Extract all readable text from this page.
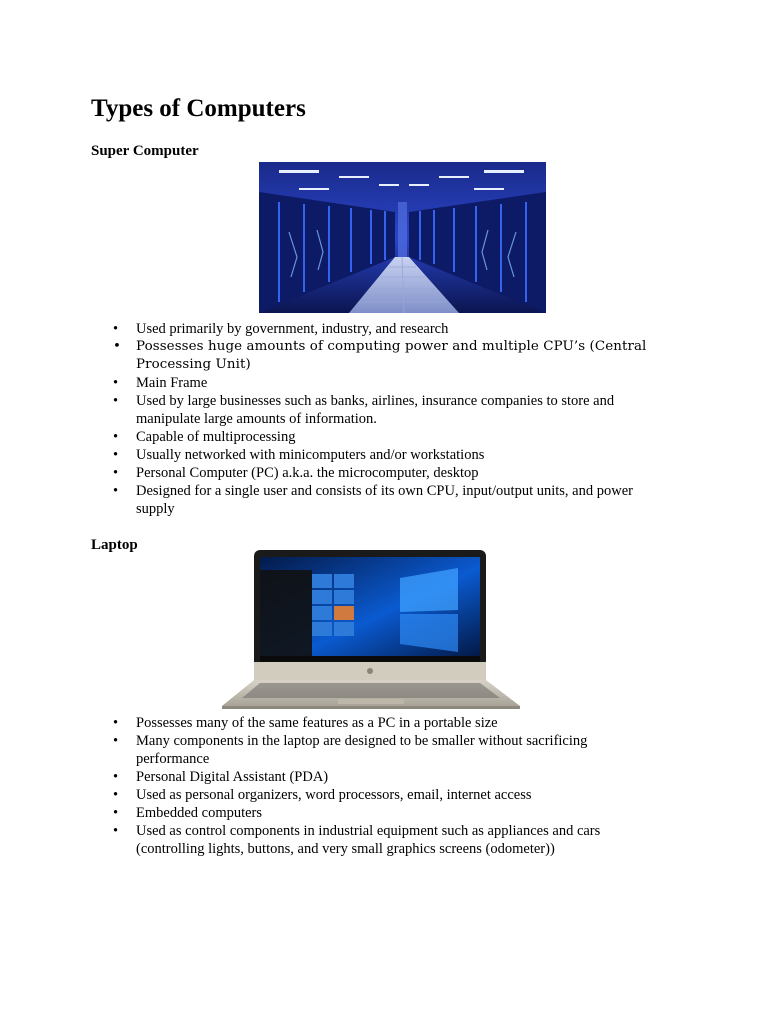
Types of Computers
Super Computer
• Used primarily by government, industry, and research
• Possesses huge amounts of computing power and multiple CPU’s (Central Processing Unit)
• Main Frame
• Used by large businesses such as banks, airlines, insurance companies to store and manipulate large amounts of information.
• Capable of multiprocessing
• Usually networked with minicomputers and/or workstations
• Personal Computer (PC) a.k.a. the microcomputer, desktop
• Designed for a single user and consists of its own CPU, input/output units, and power supply
Laptop
• Possesses many of the same features as a PC in a portable size
• Many components in the laptop are designed to be smaller without sacrificing performance
• Personal Digital Assistant (PDA)
• Used as personal organizers, word processors, email, internet access
• Embedded computers
• Used as control components in industrial equipment such as appliances and cars (controlling lights, buttons, and very small graphics screens (odometer))
